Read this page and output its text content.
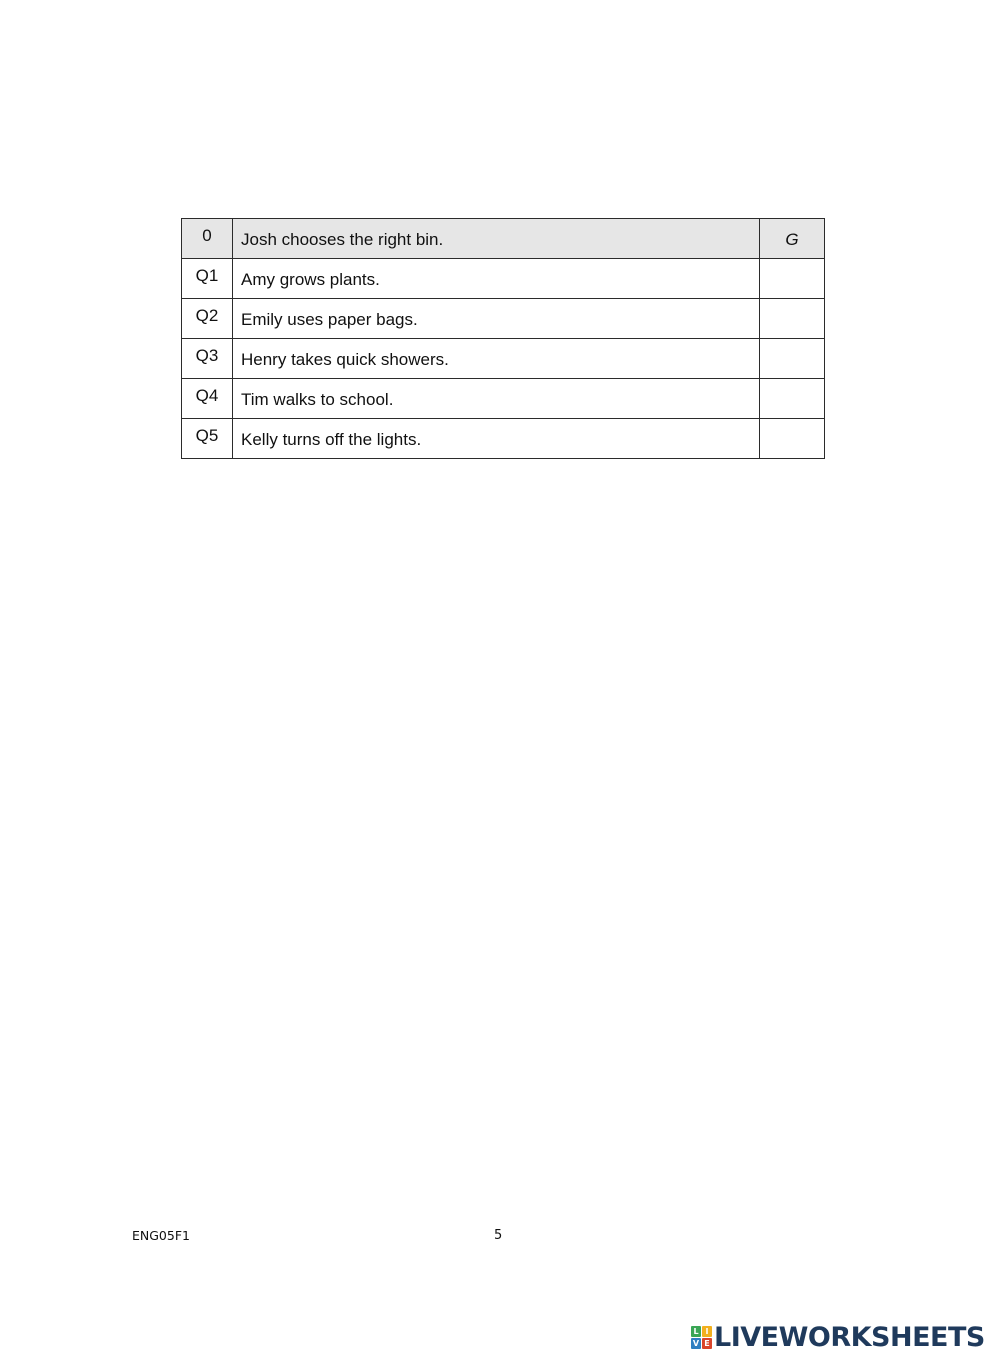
0	Josh chooses the right bin.	G
Q1	Amy grows plants.	
Q2	Emily uses paper bags.	
Q3	Henry takes quick showers.	
Q4	Tim walks to school.	
Q5	Kelly turns off the lights.	
ENG05F1	5
L I
V E LIVEWORKSHEETS
